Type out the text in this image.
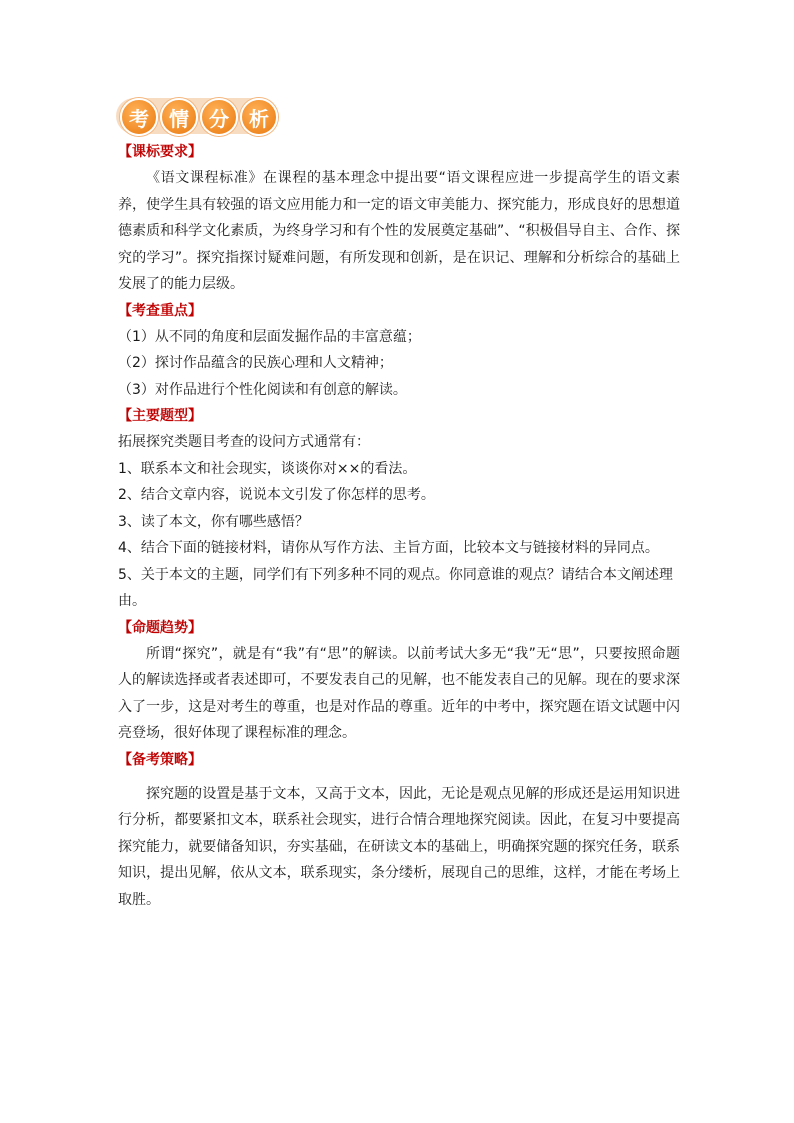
考	情	分	析

【课标要求】

《语文课程标准》在课程的基本理念中提出要“语文课程应进一步提高学生的语文素养，使学生具有较强的语文应用能力和一定的语文审美能力、探究能力，形成良好的思想道德素质和科学文化素质，为终身学习和有个性的发展奠定基础”、“积极倡导自主、合作、探究的学习”。探究指探讨疑难问题，有所发现和创新，是在识记、理解和分析综合的基础上发展了的能力层级。

【考查重点】

（1）从不同的角度和层面发掘作品的丰富意蕴；

（2）探讨作品蕴含的民族心理和人文精神；

（3）对作品进行个性化阅读和有创意的解读。

【主要题型】

拓展探究类题目考查的设问方式通常有：

1、联系本文和社会现实，谈谈你对××的看法。

2、结合文章内容，说说本文引发了你怎样的思考。

3、读了本文，你有哪些感悟？

4、结合下面的链接材料，请你从写作方法、主旨方面，比较本文与链接材料的异同点。

5、关于本文的主题，同学们有下列多种不同的观点。你同意谁的观点？请结合本文阐述理由。

【命题趋势】

所谓“探究”，就是有“我”有“思”的解读。以前考试大多无“我”无“思”，只要按照命题人的解读选择或者表述即可，不要发表自己的见解，也不能发表自己的见解。现在的要求深入了一步，这是对考生的尊重，也是对作品的尊重。近年的中考中，探究题在语文试题中闪亮登场，很好体现了课程标准的理念。

【备考策略】

探究题的设置是基于文本，又高于文本，因此，无论是观点见解的形成还是运用知识进行分析，都要紧扣文本，联系社会现实，进行合情合理地探究阅读。因此，在复习中要提高探究能力，就要储备知识，夯实基础，在研读文本的基础上，明确探究题的探究任务，联系知识，提出见解，依从文本，联系现实，条分缕析，展现自己的思维，这样，才能在考场上取胜。
